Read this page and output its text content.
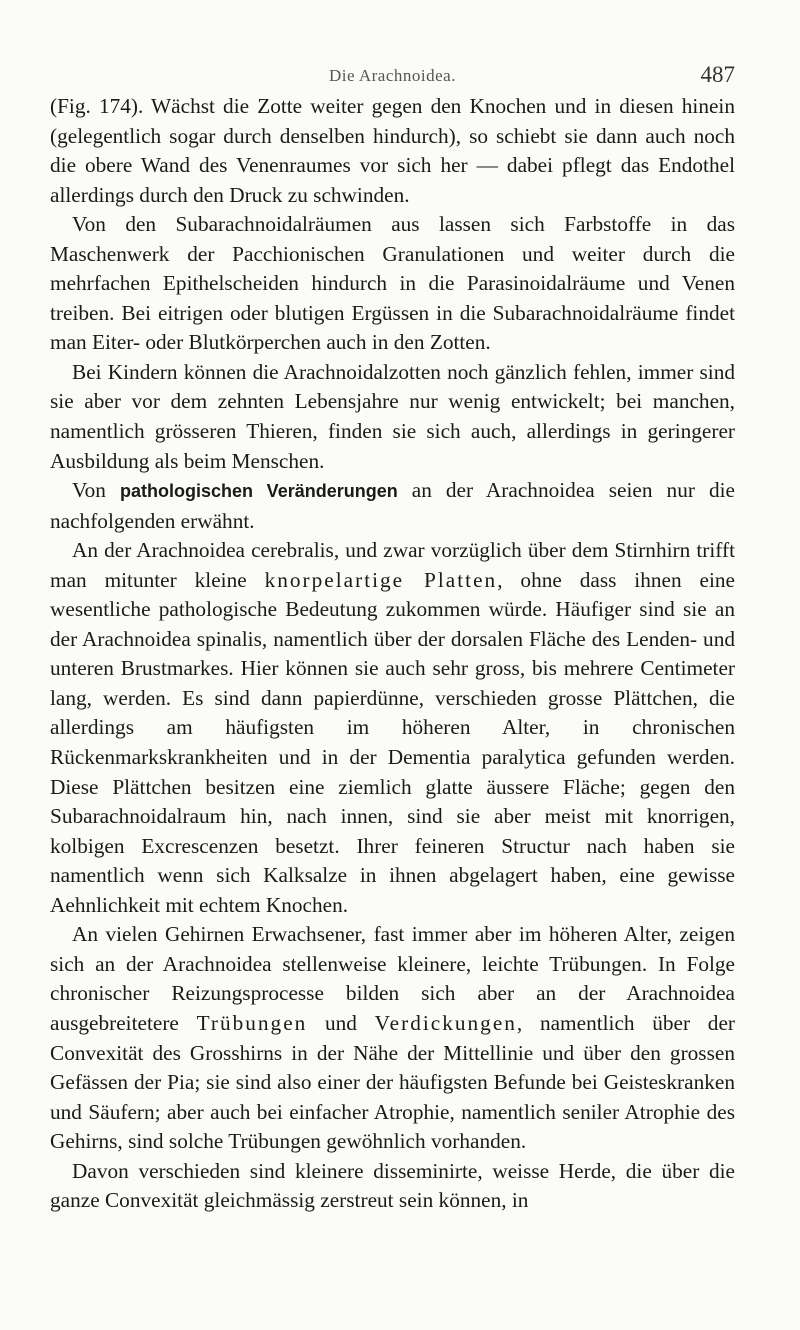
Die Arachnoidea.	487

(Fig. 174). Wächst die Zotte weiter gegen den Knochen und in diesen hinein (gelegentlich sogar durch denselben hindurch), so schiebt sie dann auch noch die obere Wand des Venenraumes vor sich her — dabei pflegt das Endothel allerdings durch den Druck zu schwinden.

Von den Subarachnoidalräumen aus lassen sich Farbstoffe in das Maschenwerk der Pacchionischen Granulationen und weiter durch die mehrfachen Epithelscheiden hindurch in die Parasinoidalräume und Venen treiben. Bei eitrigen oder blutigen Ergüssen in die Subarachnoidalräume findet man Eiter- oder Blutkörperchen auch in den Zotten.

Bei Kindern können die Arachnoidalzotten noch gänzlich fehlen, immer sind sie aber vor dem zehnten Lebensjahre nur wenig entwickelt; bei manchen, namentlich grösseren Thieren, finden sie sich auch, allerdings in geringerer Ausbildung als beim Menschen.

Von pathologischen Veränderungen an der Arachnoidea seien nur die nachfolgenden erwähnt.

An der Arachnoidea cerebralis, und zwar vorzüglich über dem Stirnhirn trifft man mitunter kleine knorpelartige Platten, ohne dass ihnen eine wesentliche pathologische Bedeutung zukommen würde. Häufiger sind sie an der Arachnoidea spinalis, namentlich über der dorsalen Fläche des Lenden- und unteren Brustmarkes. Hier können sie auch sehr gross, bis mehrere Centimeter lang, werden. Es sind dann papierdünne, verschieden grosse Plättchen, die allerdings am häufigsten im höheren Alter, in chronischen Rückenmarkskrankheiten und in der Dementia paralytica gefunden werden. Diese Plättchen besitzen eine ziemlich glatte äussere Fläche; gegen den Subarachnoidalraum hin, nach innen, sind sie aber meist mit knorrigen, kolbigen Excrescenzen besetzt. Ihrer feineren Structur nach haben sie namentlich wenn sich Kalksalze in ihnen abgelagert haben, eine gewisse Aehnlichkeit mit echtem Knochen.

An vielen Gehirnen Erwachsener, fast immer aber im höheren Alter, zeigen sich an der Arachnoidea stellenweise kleinere, leichte Trübungen. In Folge chronischer Reizungsprocesse bilden sich aber an der Arachnoidea ausgebreitetere Trübungen und Verdickungen, namentlich über der Convexität des Grosshirns in der Nähe der Mittellinie und über den grossen Gefässen der Pia; sie sind also einer der häufigsten Befunde bei Geisteskranken und Säufern; aber auch bei einfacher Atrophie, namentlich seniler Atrophie des Gehirns, sind solche Trübungen gewöhnlich vorhanden.

Davon verschieden sind kleinere disseminirte, weisse Herde, die über die ganze Convexität gleichmässig zerstreut sein können, in
